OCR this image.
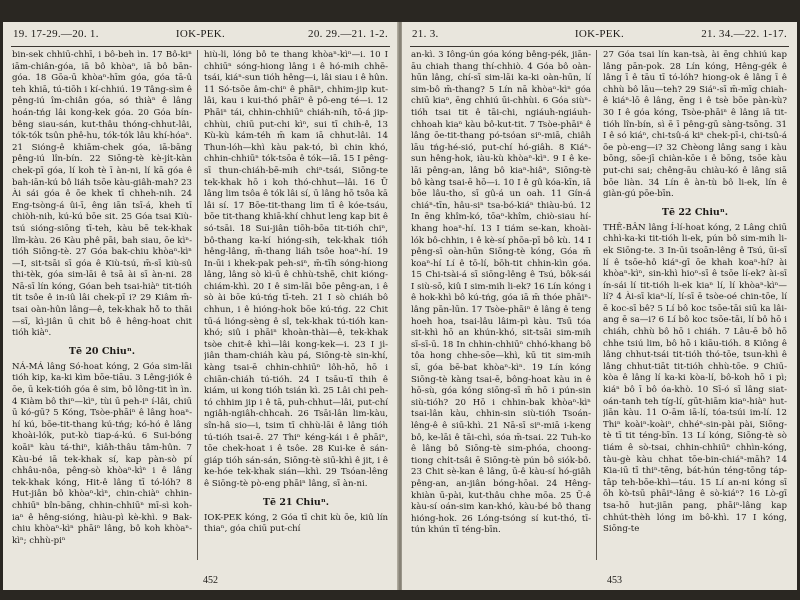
19. 17-29.—20. 1.	IOK-PEK.	20. 29.—21. 1-2.

bin-sek chhiū-chhī, i bô-beh ìn. 17 Bô-kiⁿ iām-chiân-góa, iā bô khòaⁿ, iā bô bān-góa. 18 Gōa-ū khòaⁿ-hīm góa, góa tā-û teh khiā, tú-tiōh i kí-chhiú. 19 Tâng-sìm ê pêng-iú îm-chiân góa, só thiàⁿ ê lâng hoán-tńg lâi kong-kek góa. 20 Góa bín-bêng siau-sán, kut-thâu thóng-chhut-lâi, tók-tók tsûn phê-hu, tók-tók lâu khí-hóaⁿ. 21 Sióng-ê khiām-chek góa, iā-bāng pêng-iú lîn-bín. 22 Siōng-tè kè-ji̍t-kàn chek-pī góa, lí koh tè ī àn-ni, lí kā góa ê bah-iān-kú bô liáh tsōe kàu-giâh-mah? 23 Ài sái góa ê ōe khek tī chheh-nih. 24 Eng-tsòng-á ûi-ī, êng iān tsī-á, kheh tī chiòh-nih, kú-kú bōe sit. 25 Góa tsai Kiù-tsú sióng-siōng tī-teh, kàu bē tek-khak lîm-kàu. 26 Kàu phê pāi, bah siau, ōe kìⁿ-tióh Siōng-tè. 27 Góa bak-chiu khòaⁿ-kìⁿ—I, sit-tsāi sī góa ê Kiù-tsú, m̄-sī kiù-sû thi-tèk, góa sim-lāi ê tsā ài sī àn-ni. 28 Nā-sī lín kóng, Góan beh tsai-hiàⁿ tit-tióh ti̍t tsôe ê in-iû lâi chek-pī i? 29 Kiâm m̄-tsai oàn-hûn lâng—ê, tek-khak hō̍ to thāi—sī, kì-jiân ū chit bô ê hêng-hoat chit tióh kiàⁿ.

Tē 20 Chiuⁿ.

NÁ-MÁ lâng Só-hoat kóng, 2 Góa sim-lāi tióh kip, ka-ki kìm bōe-tiāu. 3 Lêng-jiók ê ōe, ū kek-tióh góa ê sim, bô lông-tit ìn ìn. 4 Kiàm bô thiⁿ—kìⁿ, tùi ū peh-iⁿ í-lâi, chiū ū kó-gū? 5 Kóng, Tsòe-phāiⁿ ê lâng hoaⁿ-hí kú, bōe-tit-thang kú-tńg; kó-hó ê lâng khoài-lók, put-kò tiap-á-kú. 6 Sui-bóng koāiⁿ kàu tá-thiⁿ, kiâh-thâu tâm-hûn. 7 Kàu-bé iā tek-khak sí, kap pàn-sò pí chhâu-nôa, pêng-sò khòaⁿ-kìⁿ i ê lâng tek-khak kóng, Hit-ê lâng tī tó-lóh? 8 Hut-jiân bô khòaⁿ-kìⁿ, chin-chiàⁿ chhin-chhiūⁿ bîn-bāng, chhin-chhiūⁿ mī-sì koh-iaⁿ ê hêng-sióng, hiàu-pì kè-khì. 9 Bak-chiu khòaⁿ-kìⁿ phāiⁿ lâng, bô koh khòaⁿ-kìⁿ; chhù-piⁿ

hiù-li̍, lóng bô te thang khòaⁿ-kìⁿ—i. 10 I chhiūⁿ sóng-hiong lâng i ê hó-mih chhē-tsái, kiáⁿ-sun tióh hêng—i, lâi siau i ê hûn. 11 Só-tsōe âm-chiⁿ ê phāiⁿ, chhim-jip kut-lâi, kau i kui-thó phāiⁿ ê pô-eng té—i. 12 Phāiⁿ tái, chhin-chhiūⁿ chiáh-nih, tō-á jip-chhùi, chiū put-chi kìⁿ, sui tī chih-ê, 13 Kù-kù kám-téh m̄ kam iā chhut-lâi. 14 Thun-lóh—khì kàu pak-tó, bì chin khó, chhin-chhiūⁿ tók-tsōa ê tók—iā. 15 I pêng-sī thun-chiáh-bē-mih chiⁿ-tsái, Siōng-te tek-khak hō i koh thó-chhut—lâi. 16 Ū lâng lim tsôa ê tók lâi sí, ū lâng hō tsôa kā lâi sí. 17 Bōe-tit-thang lim tī ê kóe-tsáu, bōe tit-thang khiā-khí chhut leng kap bit ê só-tsāi. 18 Sui-jiân tiōh-bōa tit-tióh chiⁿ, bô-thang ka-kí hióng-sih, tek-khak tióh hêng-lâng, m̄-thang liáh tsôe hoaⁿ-hí. 19 In-ūi i khek-pak peh-siⁿ, m̄-tīh sóng-hiong lâng, lâng sò kì-ū ê chhù-tshē, chit kióng-chiám-khì. 20 I ê sim-lāi bōe pêng-an, i ê sò ài bōe kú-tńg tī-teh. 21 I sò chiáh bô chhun, i ê hióng-hok bōe kú-tńg. 22 Chit tū-á lióng-sèng ê sî, tek-khak tú-tióh kan-khó; siû i phāiⁿ khoàn-thài—ê, tek-khak tsòe chit-ê khì—lâi kong-kek—i. 23 I ji̍-jiân tham-chiáh kàu pá, Siōng-tè sin-khí, kàng tsai-ē chhin-chhiūⁿ lôh-hō, hō i chiān-chiáh tú-tióh. 24 I tsāu-tī thih ê kiám, ui kong tióh tsián kì. 25 Lâi chi peh-tó chhim jip i ê tā, puh-chhut—lâi, put-chí ngiâh-ngiâh-chhcah. 26 Tsāi-lân lim-kàu, sîn-hâ sio—i, tsim tī chhù-lāi ê lâng tióh tú-tióh tsai-ē. 27 Thiⁿ kéng-kái i ê phāiⁿ, tōe chek-hoat i ê tsôe. 28 Kui-ke ê sán-giáp tióh sán-sán, Siōng-tè siū-khì ê jit, i ê ke-hóe tek-khak sián—khì. 29 Tsóan-lêng ê Siōng-tè pò-eng phāiⁿ lâng, sī àn-ni.

Tē 21 Chiuⁿ.

IOK-PEK kóng, 2 Góa tī chit kù ōe, kiû lín thiaⁿ, góa chiū put-chí

452
21. 3.	IOK-PEK.	21. 34.—22. 1-17.

an-kì. 3 Iông-ún góa kóng bêng-pék, jiān-āu chiah thang thí-chhiò. 4 Góa bô oàn-hūn lâng, chí-sī sim-lāi ka-ki oàn-hūn, lí sim-bô m̄-thang? 5 Lín nā khòaⁿ-kìⁿ góa chiū kiaⁿ, ēng chhiú ūi-chhùi. 6 Góa siùⁿ-tióh tsai tit ê tāi-chi, ngiáuh-ngiáuh-chhoah kiaⁿ kàu bô-kut-tit. 7 Tsòe-phāiⁿ ê lâng ōe-tit-thang pó-tsóan siⁿ-miā, chiâh lāu tńg-hé-sió, put-chí hó-giâh. 8 Kiáⁿ-sun hêng-hok, iàu-kù khòaⁿ-kìⁿ. 9 I ê ke-lāi pêng-an, lâng bô kiaⁿ-hiâⁿ, Siōng-tè bô kàng tsai-ē hō—i. 10 I ê gû kóa-kīn, iā bōe lâu-tho, sī gû-á un oah. 11 Gín-á chiáⁿ-tīn, hâu-siⁿ tsa-bó-kiáⁿ thiàu-bú. 12 In ēng khîm-kó, tōaⁿ-khîm, chiò-siau hí-khang hoaⁿ-hí. 13 I tiám se-kan, khoài-lók bô-chhin, i ê kè-sí phōa-pī bô kù. 14 I pêng-sī oàn-hūn Siōng-tè kóng, Góa m̄ koaⁿ-hí Lí ê tō-lí, bōh-tit chhin-kìn góa. 15 Chi-tsài-á sī siōng-lêng ê Tsú, bôk-sái I siù-sō, kiû I sim-mih li-ek? 16 Lín kóng i ê hok-khì bô kú-tńg, góa iā m̄ thóe phāiⁿ-lâng pān-lūn. 17 Tsòe-phāiⁿ ê lâng ê teng hoeh hoa, tsai-lâu lâim-pì kàu. Tsū tóa sit-khì hō an khún-khó, sit-tsāi sim-mih sī-sī-ū. 18 In chhin-chhiūⁿ chhó-khang bô tôa hong chhe-sōe—khì, kū tit sim-mih sī, góa bē-bat khòaⁿ-kìⁿ. 19 Lín kóng Siōng-tè kàng tsai-ē, bông-hoat kàu in ê hō-sù, góa kóng siōng-sī m̄ hō i pún-sin siù-tióh? 20 Hō i chhin-bak khòaⁿ-kìⁿ tsai-lân kàu, chhin-sin siù-tióh Tsoán-lêng-ê ê siū-khì. 21 Nā-sī siⁿ-miā i-keng bô, ke-lāi ê tāi-chì, sóa m̄-tsai. 22 Tuh-ko ê lâng bô Siōng-tè sim-phóa, choong-tiong chi̍t-tsâi ē Siōng-tè pún bô siók-bô. 23 Chit sè-kan ê lâng, ū-ê kàu-sí hó-giâh pêng-an, an-jiân bóng-hōai. 24 Hêng-khiàn ū-pài, kut-thâu chhe mōa. 25 Ū-ê kàu-sí oán-sim kan-khó, kàu-bé bô thang hióng-hok. 26 Lóng-tsóng sí kut-thó, tī-tún khún tī téng-bīn.

27 Góa tsai lín kan-tsà, ài ēng chhiú kap lâng pān-pok. 28 Lín kóng, Hêng-gék ê lâng ī ê tāu tī tó-lóh? hiong-ok ê lâng ī ê chhù bô lāu—teh? 29 Siáⁿ-sī m̄-mīg chiah-ê kiáⁿ-lō ê lâng, ēng i ê tsè bōe pàn-kù? 30 I ê góa kóng, Tsòe-phāiⁿ ê lâng iā tit-tióh lîn-bín, sì ē ī pêng-gū sàng-tsōng. 31 I ê só kiáⁿ, chi-tsû-á kiⁿ chek-pī-i, chi-tsû-á ōe pò-eng—i? 32 Chèong lâng sang i kàu bōng, sōe-jī chiàn-kōe i ê bōng, tsōe kàu put-chi sai; chêng-āu chiàu-kó ê lâng siā bōe liàn. 34 Lín ê àn-tù bô li-ek, lín ê giàn-gú pōe-bīn.

Tē 22 Chiuⁿ.

THÊ-BÂN lâng Í-lí-hoat kóng, 2 Lâng chiū chhì-ka-ki tit-tióh li-ek, pún bô sim-mih li-ek Siōng-te. 3 In-ūi tsoān-lêng ê Tsú, ūi-sī lí ê tsōe-hô kiáⁿ-gī ōe khah koaⁿ-hí? ài khòaⁿ-kìⁿ, sin-khì hioⁿ-sī ê tsōe lí-ek? ài-sī ín-sái lí tit-tióh li-ek kiaⁿ lí, lí khòaⁿ-kìⁿ—lí? 4 Ài-sī kiaⁿ-lí, lí-sī ē tsòe-oé chin-tōe, lí ē koc-sī bê? 5 Lí bô koc tsōe-tāi siū ka lâi-ang ē sa—i? 6 Lí bô koc tsōe-tāi, lí bô hō i chiáh, chhù bô hō i chiáh. 7 Lâu-ē bô hō chhe tsiú lim, bô hō i kiāu-tióh. 8 Kiông ê lâng chhut-tsái tit-tióh thó-tōe, tsun-khì ê lâng chhut-tiāt tit-tióh chhù-tōe. 9 Chiū-kòa ê lâng lí ka-ki kòa-lí, bô-koh hō i pì; kiáⁿ bô ī bô óa-khò. 10 Sī-ó sī lâng siat-oán-tanh teh tíg-lí, gūt-hiām kiaⁿ-hiàⁿ hut-jiān kàu. 11 O-ām iā-lí, tóa-tsúi im-lí. 12 Thiⁿ koàiⁿ-koàiⁿ, chhéⁿ-sin-pài pài, Siōng-tè tī tit téng-bīn. 13 Lí kóng, Siōng-tè sò tiám ê sò-tsai, chhin-chhiūⁿ chhìn-kóng, tàu-gè kàu chhat tōe-bin-chiáⁿ-māh? 14 Kia-iū tī thiⁿ-tēng, bát-hún téng-tōng táp-tāp teh-bōe-khì—táu. 15 Lí an-ni kóng sī ōh kò-tsū phāiⁿ-lâng ê sò-kiáⁿ? 16 Lò-gī tsa-hō hut-jiān pang, phāiⁿ-lâng kap chhút-thèh lóng im bô-khì. 17 I kóng, Siōng-te

453
